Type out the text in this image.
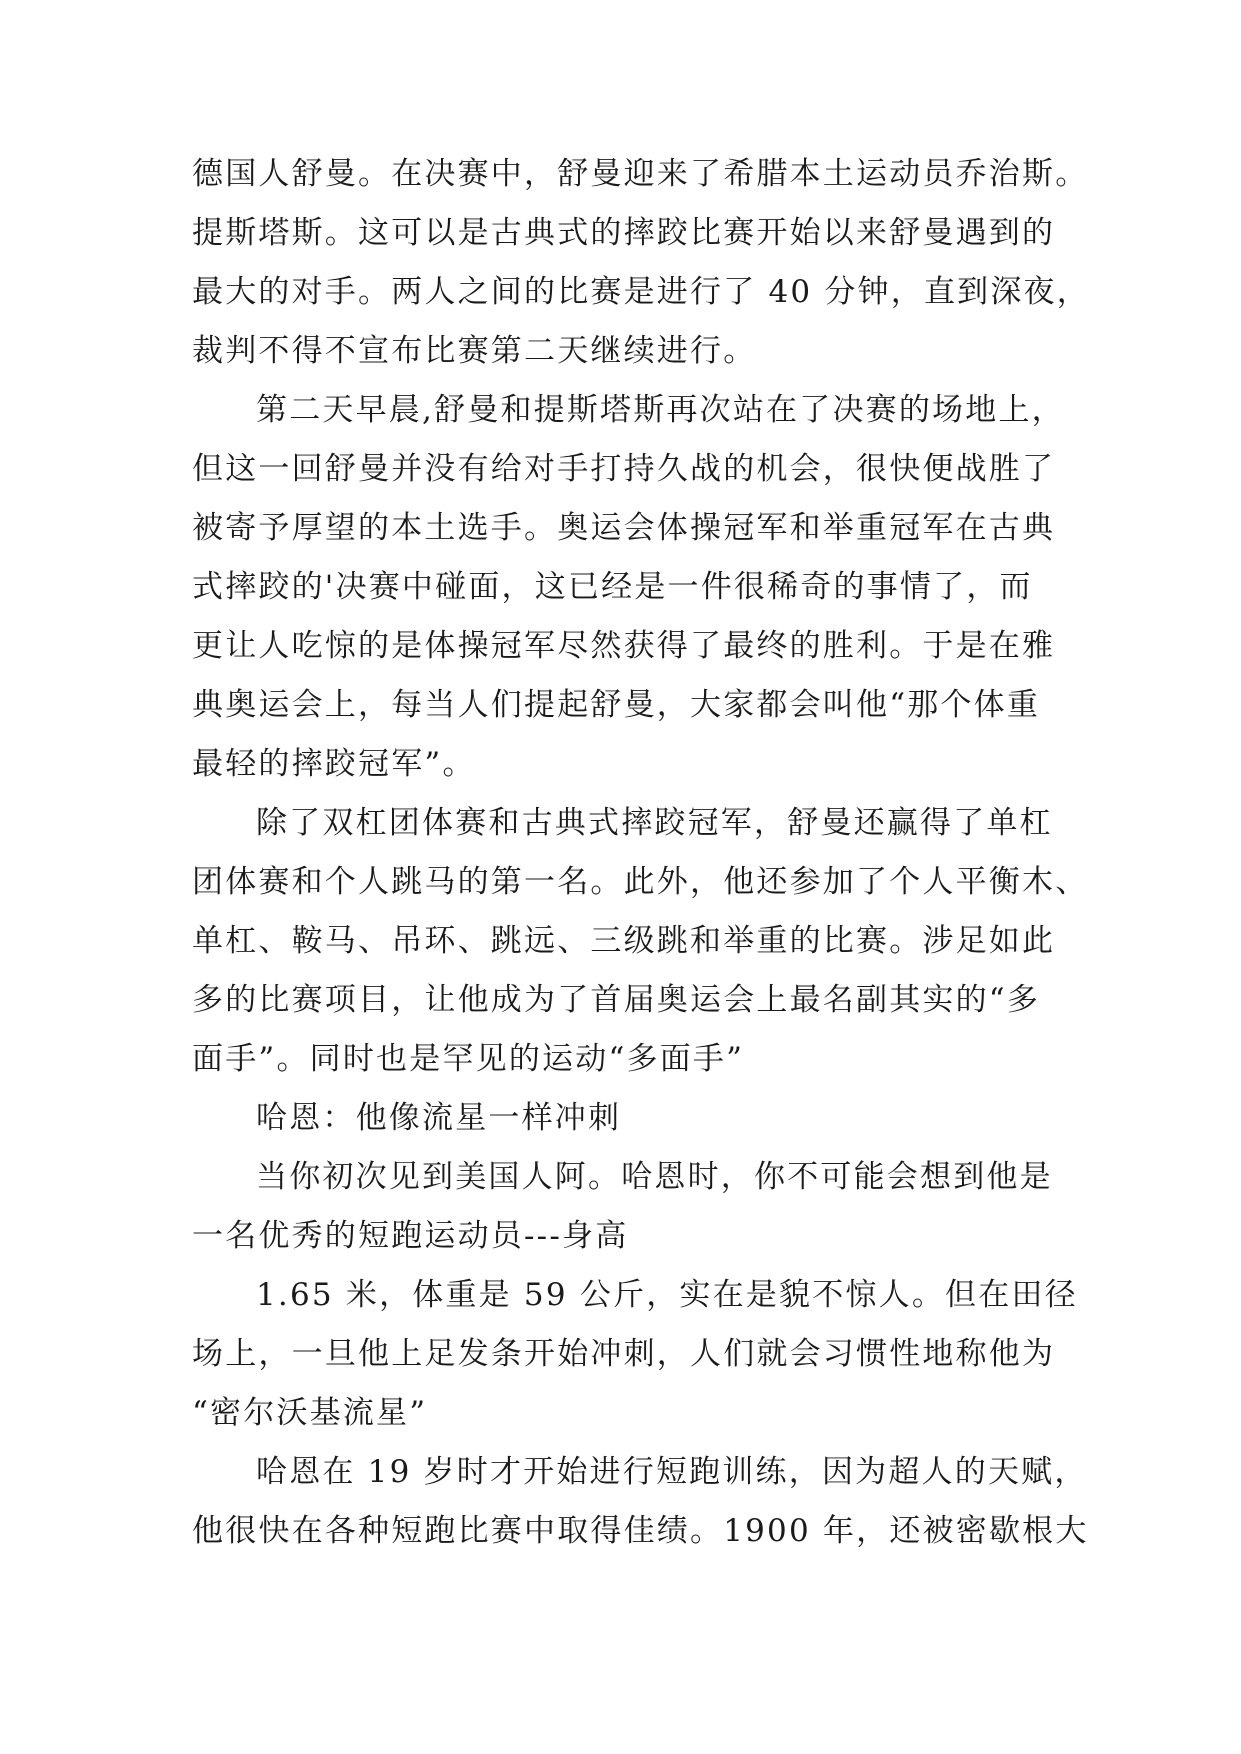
德国人舒曼。在决赛中，舒曼迎来了希腊本土运动员乔治斯。
提斯塔斯。这可以是古典式的摔跤比赛开始以来舒曼遇到的
最大的对手。两人之间的比赛是进行了 40 分钟，直到深夜，
裁判不得不宣布比赛第二天继续进行。
第二天早晨,舒曼和提斯塔斯再次站在了决赛的场地上，
但这一回舒曼并没有给对手打持久战的机会，很快便战胜了
被寄予厚望的本土选手。奥运会体操冠军和举重冠军在古典
式摔跤的'决赛中碰面，这已经是一件很稀奇的事情了，而
更让人吃惊的是体操冠军尽然获得了最终的胜利。于是在雅
典奥运会上，每当人们提起舒曼，大家都会叫他“那个体重
最轻的摔跤冠军”。
除了双杠团体赛和古典式摔跤冠军，舒曼还赢得了单杠
团体赛和个人跳马的第一名。此外，他还参加了个人平衡木、
单杠、鞍马、吊环、跳远、三级跳和举重的比赛。涉足如此
多的比赛项目，让他成为了首届奥运会上最名副其实的“多
面手”。同时也是罕见的运动“多面手”
哈恩：他像流星一样冲刺
当你初次见到美国人阿。哈恩时，你不可能会想到他是
一名优秀的短跑运动员---身高
1.65 米，体重是 59 公斤，实在是貌不惊人。但在田径
场上，一旦他上足发条开始冲刺，人们就会习惯性地称他为
“密尔沃基流星”
哈恩在 19 岁时才开始进行短跑训练，因为超人的天赋，
他很快在各种短跑比赛中取得佳绩。1900 年，还被密歇根大
